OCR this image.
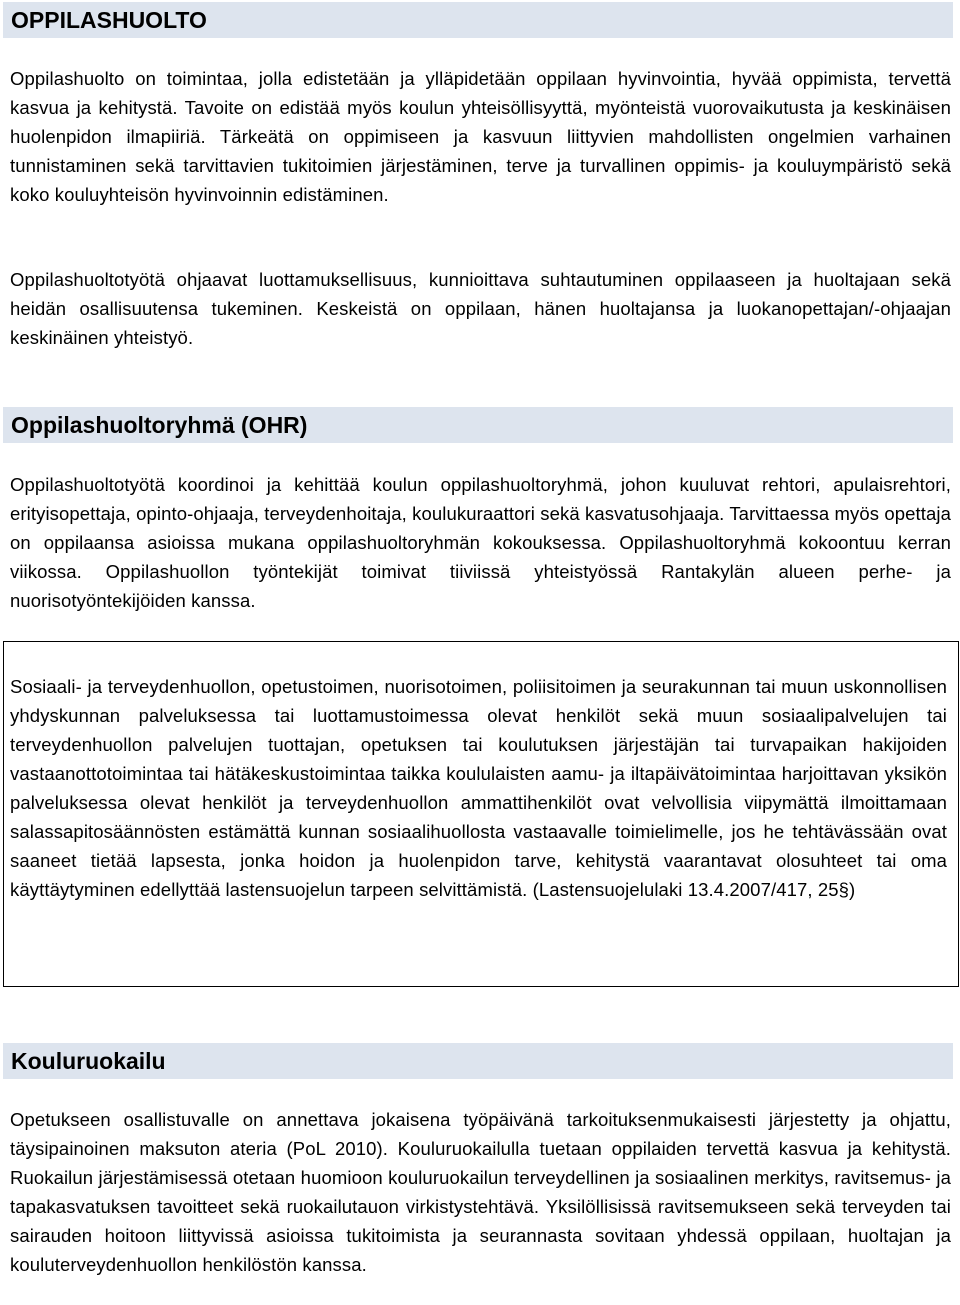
OPPILASHUOLTO

Oppilashuolto on toimintaa, jolla edistetään ja ylläpidetään oppilaan hyvinvointia, hyvää oppimista, tervettä kasvua ja kehitystä. Tavoite on edistää myös koulun yhteisöllisyyttä, myönteistä vuorovaikutusta ja keskinäisen huolenpidon ilmapiiriä. Tärkeätä on oppimiseen ja kasvuun liittyvien mahdollisten ongelmien varhainen tunnistaminen sekä tarvittavien tukitoimien järjestäminen, terve ja turvallinen oppimis- ja kouluympäristö sekä koko kouluyhteisön hyvinvoinnin edistäminen.

Oppilashuoltotyötä ohjaavat luottamuksellisuus, kunnioittava suhtautuminen oppilaaseen ja huoltajaan sekä heidän osallisuutensa tukeminen. Keskeistä on oppilaan, hänen huoltajansa ja luokanopettajan/-ohjaajan keskinäinen yhteistyö.

Oppilashuoltoryhmä (OHR)

Oppilashuoltotyötä koordinoi ja kehittää koulun oppilashuoltoryhmä, johon kuuluvat rehtori, apulaisrehtori, erityisopettaja, opinto-ohjaaja, terveydenhoitaja, koulukuraattori sekä kasvatusohjaaja. Tarvittaessa myös opettaja on oppilaansa asioissa mukana oppilashuoltoryhmän kokouksessa. Oppilashuoltoryhmä kokoontuu kerran viikossa. Oppilashuollon työntekijät toimivat tiiviissä yhteistyössä Rantakylän alueen perhe- ja nuorisotyöntekijöiden kanssa.

Sosiaali- ja terveydenhuollon, opetustoimen, nuorisotoimen, poliisitoimen ja seurakunnan tai muun uskonnollisen yhdyskunnan palveluksessa tai luottamustoimessa olevat henkilöt sekä muun sosiaalipalvelujen tai terveydenhuollon palvelujen tuottajan, opetuksen tai koulutuksen järjestäjän tai turvapaikan hakijoiden vastaanottotoimintaa tai hätäkeskustoimintaa taikka koululaisten aamu- ja iltapäivätoimintaa harjoittavan yksikön palveluksessa olevat henkilöt ja terveydenhuollon ammattihenkilöt ovat velvollisia viipymättä ilmoittamaan salassapitosäännösten estämättä kunnan sosiaalihuollosta vastaavalle toimielimelle, jos he tehtävässään ovat saaneet tietää lapsesta, jonka hoidon ja huolenpidon tarve, kehitystä vaarantavat olosuhteet tai oma käyttäytyminen edellyttää lastensuojelun tarpeen selvittämistä. (Lastensuojelulaki 13.4.2007/417, 25§)

Kouluruokailu

Opetukseen osallistuvalle on annettava jokaisena työpäivänä tarkoituksenmukaisesti järjestetty ja ohjattu, täysipainoinen maksuton ateria (PoL 2010). Kouluruokailulla tuetaan oppilaiden tervettä kasvua ja kehitystä. Ruokailun järjestämisessä otetaan huomioon kouluruokailun terveydellinen ja sosiaalinen merkitys, ravitsemus- ja tapakasvatuksen tavoitteet sekä ruokailutauon virkistystehtävä. Yksilöllisissä ravitsemukseen sekä terveyden tai sairauden hoitoon liittyvissä asioissa tukitoimista ja seurannasta sovitaan yhdessä oppilaan, huoltajan ja kouluterveydenhuollon henkilöstön kanssa.
